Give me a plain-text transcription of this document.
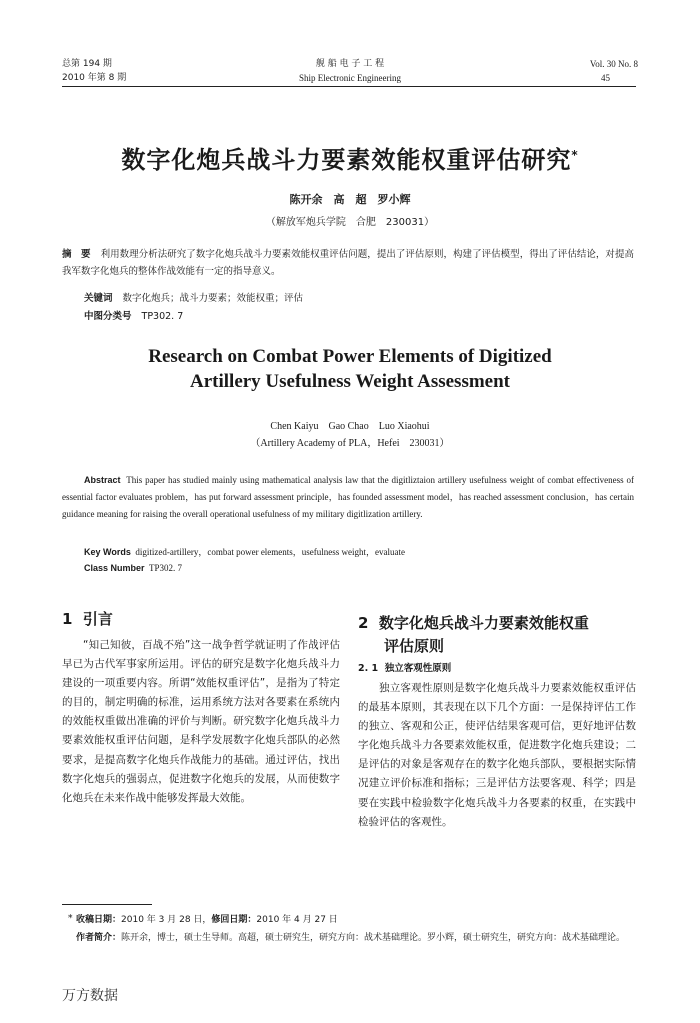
总第 194 期
2010 年第 8 期
舰 船 电 子 工 程
Ship Electronic Engineering
Vol. 30 No. 8
45
数字化炮兵战斗力要素效能权重评估研究*
陈开余　高　超　罗小辉
（解放军炮兵学院　合肥　230031）
摘　要 利用数理分析法研究了数字化炮兵战斗力要素效能权重评估问题，提出了评估原则，构建了评估模型，得出了评估结论，对提高我军数字化炮兵的整体作战效能有一定的指导意义。
关键词 数字化炮兵；战斗力要素；效能权重；评估
中图分类号 TP302. 7
Research on Combat Power Elements of Digitized
Artillery Usefulness Weight Assessment
Chen Kaiyu　Gao Chao　Luo Xiaohui
（Artillery Academy of PLA，Hefei　230031）
Abstract This paper has studied mainly using mathematical analysis law that the digitliztaion artillery usefulness weight of combat effectiveness of essential factor evaluates problem，has put forward assessment principle，has founded assessment model，has reached assessment conclusion，has certain guidance meaning for raising the overall operational usefulness of my military digitlization artillery.
Key Words digitized-artillery，combat power elements，usefulness weight，evaluate
Class Number TP302. 7
1 引言
“知己知彼，百战不殆”这一战争哲学就证明了作战评估早已为古代军事家所运用。评估的研究是数字化炮兵战斗力建设的一项重要内容。所谓“效能权重评估”，是指为了特定的目的，制定明确的标准，运用系统方法对各要素在系统内的效能权重做出准确的评价与判断。研究数字化炮兵战斗力要素效能权重评估问题，是科学发展数字化炮兵部队的必然要求，是提高数字化炮兵作战能力的基础。通过评估，找出数字化炮兵的强弱点，促进数字化炮兵的发展，从而使数字化炮兵在未来作战中能够发挥最大效能。
2 数字化炮兵战斗力要素效能权重
评估原则
2. 1 独立客观性原则
独立客观性原则是数字化炮兵战斗力要素效能权重评估的最基本原则，其表现在以下几个方面：一是保持评估工作的独立、客观和公正，使评估结果客观可信，更好地评估数字化炮兵战斗力各要素效能权重，促进数字化炮兵建设；二是评估的对象是客观存在的数字化炮兵部队，要根据实际情况建立评价标准和指标；三是评估方法要客观、科学；四是要在实践中检验数字化炮兵战斗力各要素的权重，在实践中检验评估的客观性。
* 收稿日期：2010 年 3 月 28 日，修回日期：2010 年 4 月 27 日
作者简介：陈开余，博士，硕士生导师。高超，硕士研究生，研究方向：战术基础理论。罗小辉，硕士研究生，研究方向：战术基础理论。
万方数据
